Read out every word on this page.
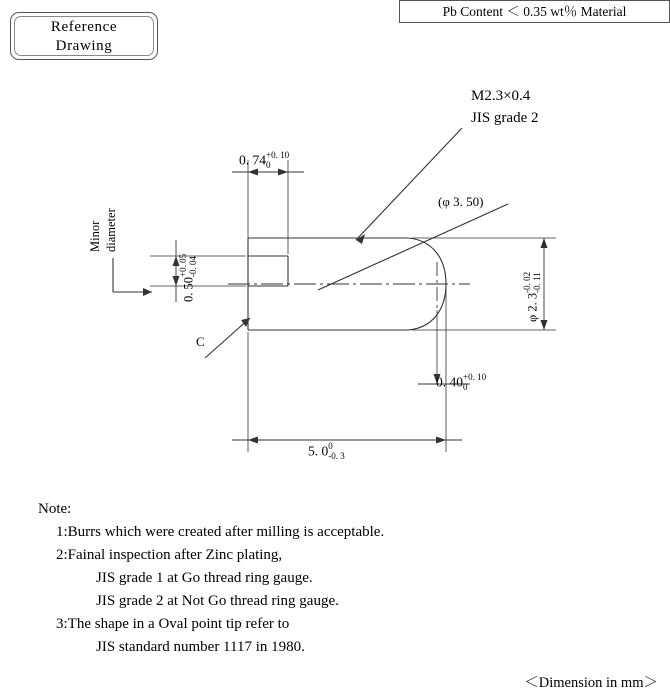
Reference
Drawing
Pb Content ＜ 0.35 wt％ Material
M2.3×0.4
JIS grade 2
Minor diameter
0. 74 +0. 10
0
0. 50
+0. 05 -0. 04
C
(φ 3. 50)
φ 2. 3
-0. 02 -0. 11
0. 40 +0. 10
0
5. 0 0
-0. 3
Note:
1:Burrs which were created after milling is acceptable.
2:Fainal inspection after Zinc plating,
JIS grade 1 at Go thread ring gauge.
JIS grade 2 at Not Go thread ring gauge.
3:The shape in a Oval point tip refer to
JIS standard number 1117 in 1980.
＜Dimension in mm＞
